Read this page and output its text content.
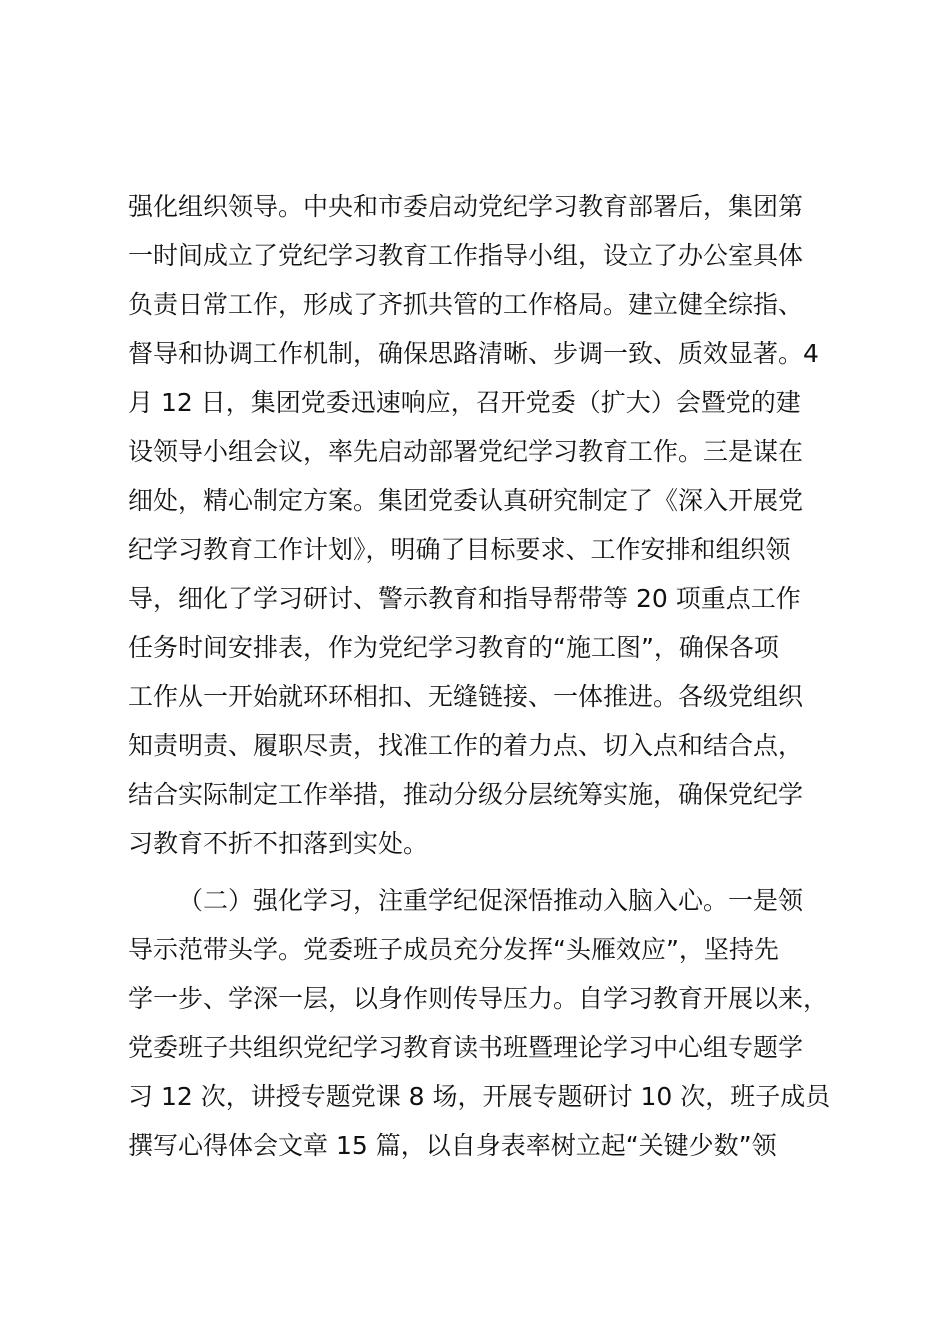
强化组织领导。中央和市委启动党纪学习教育部署后，集团第
一时间成立了党纪学习教育工作指导小组，设立了办公室具体
负责日常工作，形成了齐抓共管的工作格局。建立健全综指、
督导和协调工作机制，确保思路清晰、步调一致、质效显著。4
月 12 日，集团党委迅速响应，召开党委（扩大）会暨党的建
设领导小组会议，率先启动部署党纪学习教育工作。三是谋在
细处，精心制定方案。集团党委认真研究制定了《深入开展党
纪学习教育工作计划》，明确了目标要求、工作安排和组织领
导，细化了学习研讨、警示教育和指导帮带等 20 项重点工作
任务时间安排表，作为党纪学习教育的“施工图”，确保各项
工作从一开始就环环相扣、无缝链接、一体推进。各级党组织
知责明责、履职尽责，找准工作的着力点、切入点和结合点，
结合实际制定工作举措，推动分级分层统筹实施，确保党纪学
习教育不折不扣落到实处。
（二）强化学习，注重学纪促深悟推动入脑入心。一是领
导示范带头学。党委班子成员充分发挥“头雁效应”，坚持先
学一步、学深一层，以身作则传导压力。自学习教育开展以来，
党委班子共组织党纪学习教育读书班暨理论学习中心组专题学
习 12 次，讲授专题党课 8 场，开展专题研讨 10 次，班子成员
撰写心得体会文章 15 篇，以自身表率树立起“关键少数”领
